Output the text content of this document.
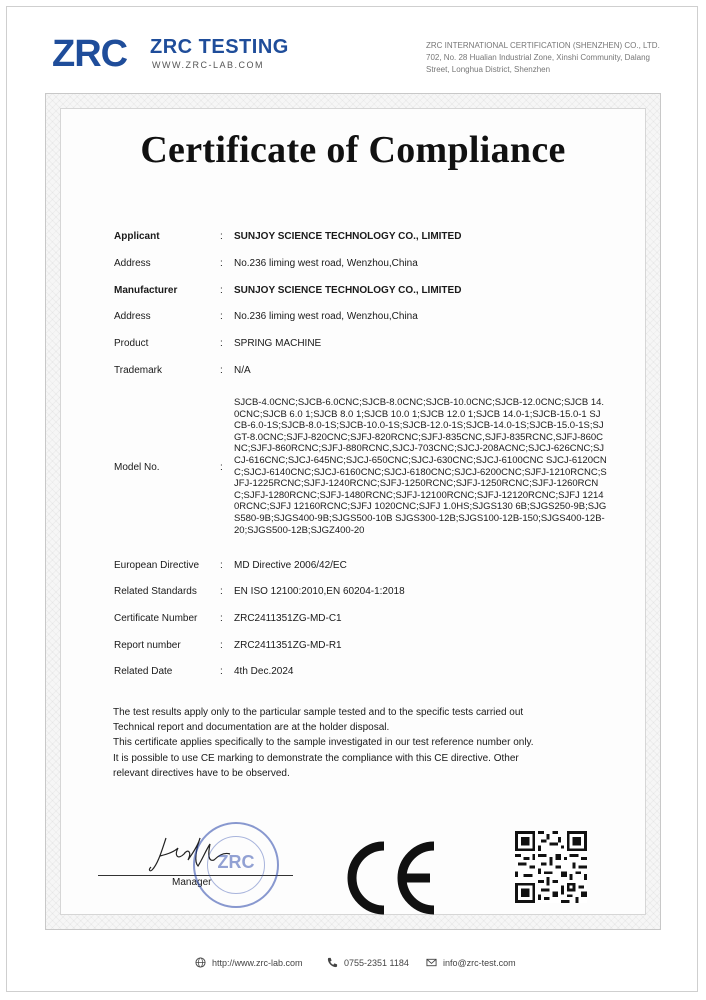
ZRC ZRC TESTING
WWW.ZRC-LAB.COM
ZRC INTERNATIONAL CERTIFICATION (SHENZHEN) CO., LTD.
702, No. 28 Hualian Industrial Zone, Xinshi Community, Dalang Street, Longhua District, Shenzhen
Certificate of Compliance
Applicant	: SUNJOY SCIENCE TECHNOLOGY CO., LIMITED
Address	: No.236 liming west road, Wenzhou,China
Manufacturer	: SUNJOY SCIENCE TECHNOLOGY CO., LIMITED
Address	: No.236 liming west road, Wenzhou,China
Product	: SPRING MACHINE
Trademark	: N/A
Model No.	:
SJCB-4.0CNC;SJCB-6.0CNC;SJCB-8.0CNC;SJCB-10.0CNC;SJCB-12.0CNC;SJCB 14.0CNC;SJCB 6.0 1;SJCB 8.0 1;SJCB 10.0 1;SJCB 12.0 1;SJCB 14.0-1;SJCB-15.0-1 SJCB-6.0-1S;SJCB-8.0-1S;SJCB-10.0-1S;SJCB-12.0-1S;SJCB-14.0-1S;SJCB-15.0-1S;SJGT-8.0CNC;SJFJ-820CNC;SJFJ-820RCNC;SJFJ-835CNC,SJFJ-835RCNC,SJFJ-860CNC;SJFJ-860RCNC;SJFJ-880RCNC,SJCJ-703CNC;SJCJ-208ACNC;SJCJ-626CNC;SJCJ-616CNC;SJCJ-645NC;SJCJ-650CNC;SJCJ-630CNC;SJCJ-6100CNC SJCJ-6120CNC;SJCJ-6140CNC;SJCJ-6160CNC;SJCJ-6180CNC;SJCJ-6200CNC;SJFJ-1210RCNC;SJFJ-1225RCNC;SJFJ-1240RCNC;SJFJ-1250RCNC;SJFJ-1250RCNC;SJFJ-1260RCNC;SJFJ-1280RCNC;SJFJ-1480RCNC;SJFJ-12100RCNC;SJFJ-12120RCNC;SJFJ 12140RCNC;SJFJ 12160RCNC;SJFJ 1020CNC;SJFJ 1.0HS;SJGS130 6B;SJGS250-9B;SJGS580-9B;SJGS400-9B;SJGS500-10B SJGS300-12B;SJGS100-12B-150;SJGS400-12B-20;SJGS500-12B;SJGZ400-20
European Directive	: MD Directive 2006/42/EC
Related Standards	: EN ISO 12100:2010,EN 60204-1:2018
Certificate Number	: ZRC2411351ZG-MD-C1
Report number	: ZRC2411351ZG-MD-R1
Related Date	: 4th Dec.2024

The test results apply only to the particular sample tested and to the specific tests carried out

Technical report and documentation are at the holder disposal.

This certificate applies specifically to the sample investigated in our test reference number only.

It is possible to use CE marking to demonstrate the compliance with this CE directive. Other

relevant directives have to be observed.

Manager
ZRC
http://www.zrc-lab.com	0755-2351 1184	info@zrc-test.com
